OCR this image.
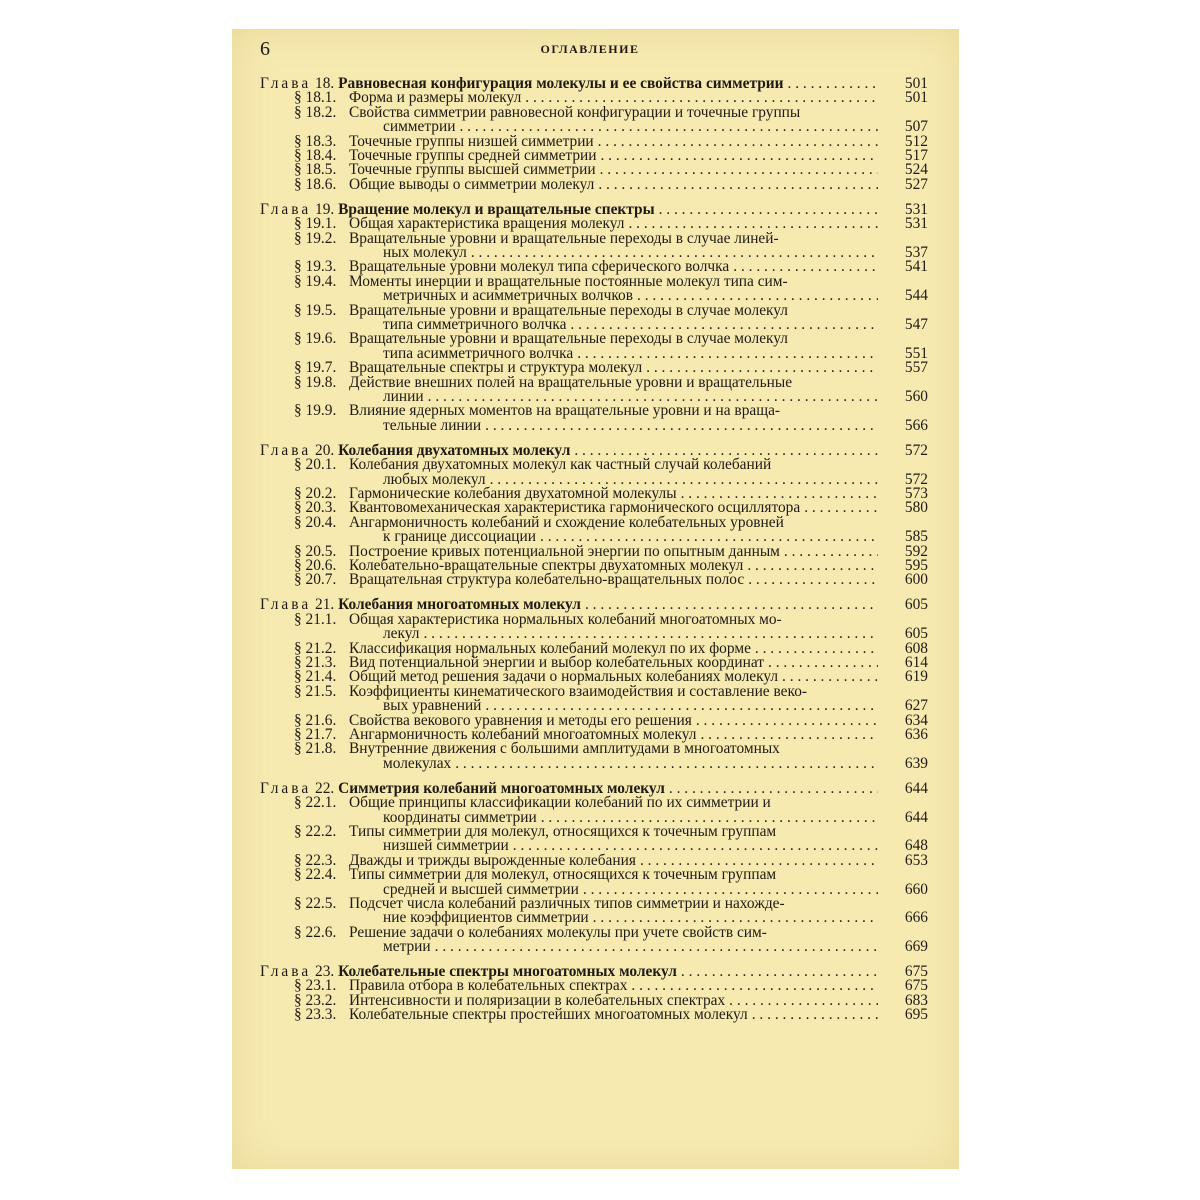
6	ОГЛАВЛЕНИЕ
Глава 18. Равновесная конфигурация молекулы и ее свойства симметрии . . .	501
§ 18.1. Форма и размеры молекул . . .	501
§ 18.2. Свойства симметрии равновесной конфигурации и точечные группы
симметрии . . .	507
§ 18.3. Точечные группы низшей симметрии . . .	512
§ 18.4. Точечные группы средней симметрии . . .	517
§ 18.5. Точечные группы высшей симметрии . . .	524
§ 18.6. Общие выводы о симметрии молекул . . .	527
Глава 19. Вращение молекул и вращательные спектры . . .	531
§ 19.1. Общая характеристика вращения молекул . . .	531
§ 19.2. Вращательные уровни и вращательные переходы в случае линей-
ных молекул . . .	537
§ 19.3. Вращательные уровни молекул типа сферического волчка . . .	541
§ 19.4. Моменты инерции и вращательные постоянные молекул типа сим-
метричных и асимметричных волчков . . .	544
§ 19.5. Вращательные уровни и вращательные переходы в случае молекул
типа симметричного волчка . . .	547
§ 19.6. Вращательные уровни и вращательные переходы в случае молекул
типа асимметричного волчка . . .	551
§ 19.7. Вращательные спектры и структура молекул . . .	557
§ 19.8. Действие внешних полей на вращательные уровни и вращательные
линии . . .	560
§ 19.9. Влияние ядерных моментов на вращательные уровни и на враща-
тельные линии . . .	566
Глава 20. Колебания двухатомных молекул . . .	572
§ 20.1. Колебания двухатомных молекул как частный случай колебаний
любых молекул . . .	572
§ 20.2. Гармонические колебания двухатомной молекулы . . .	573
§ 20.3. Квантовомеханическая характеристика гармонического осциллятора . . .	580
§ 20.4. Ангармоничность колебаний и схождение колебательных уровней
к границе диссоциации . . .	585
§ 20.5. Построение кривых потенциальной энергии по опытным данным . . .	592
§ 20.6. Колебательно-вращательные спектры двухатомных молекул . . .	595
§ 20.7. Вращательная структура колебательно-вращательных полос . . .	600
Глава 21. Колебания многоатомных молекул . . .	605
§ 21.1. Общая характеристика нормальных колебаний многоатомных мо-
лекул . . .	605
§ 21.2. Классификация нормальных колебаний молекул по их форме . . .	608
§ 21.3. Вид потенциальной энергии и выбор колебательных координат . . .	614
§ 21.4. Общий метод решения задачи о нормальных колебаниях молекул . . .	619
§ 21.5. Коэффициенты кинематического взаимодействия и составление веко-
вых уравнений . . .	627
§ 21.6. Свойства векового уравнения и методы его решения . . .	634
§ 21.7. Ангармоничность колебаний многоатомных молекул . . .	636
§ 21.8. Внутренние движения с большими амплитудами в многоатомных
молекулах . . .	639
Глава 22. Симметрия колебаний многоатомных молекул . . .	644
§ 22.1. Общие принципы классификации колебаний по их симметрии и
координаты симметрии . . .	644
§ 22.2. Типы симметрии для молекул, относящихся к точечным группам
низшей симметрии . . .	648
§ 22.3. Дважды и трижды вырожденные колебания . . .	653
§ 22.4. Типы симметрии для молекул, относящихся к точечным группам
средней и высшей симметрии . . .	660
§ 22.5. Подсчет числа колебаний различных типов симметрии и нахожде-
ние коэффициентов симметрии . . .	666
§ 22.6. Решение задачи о колебаниях молекулы при учете свойств сим-
метрии . . .	669
Глава 23. Колебательные спектры многоатомных молекул . . .	675
§ 23.1. Правила отбора в колебательных спектрах . . .	675
§ 23.2. Интенсивности и поляризации в колебательных спектрах . . .	683
§ 23.3. Колебательные спектры простейших многоатомных молекул . . .	695
